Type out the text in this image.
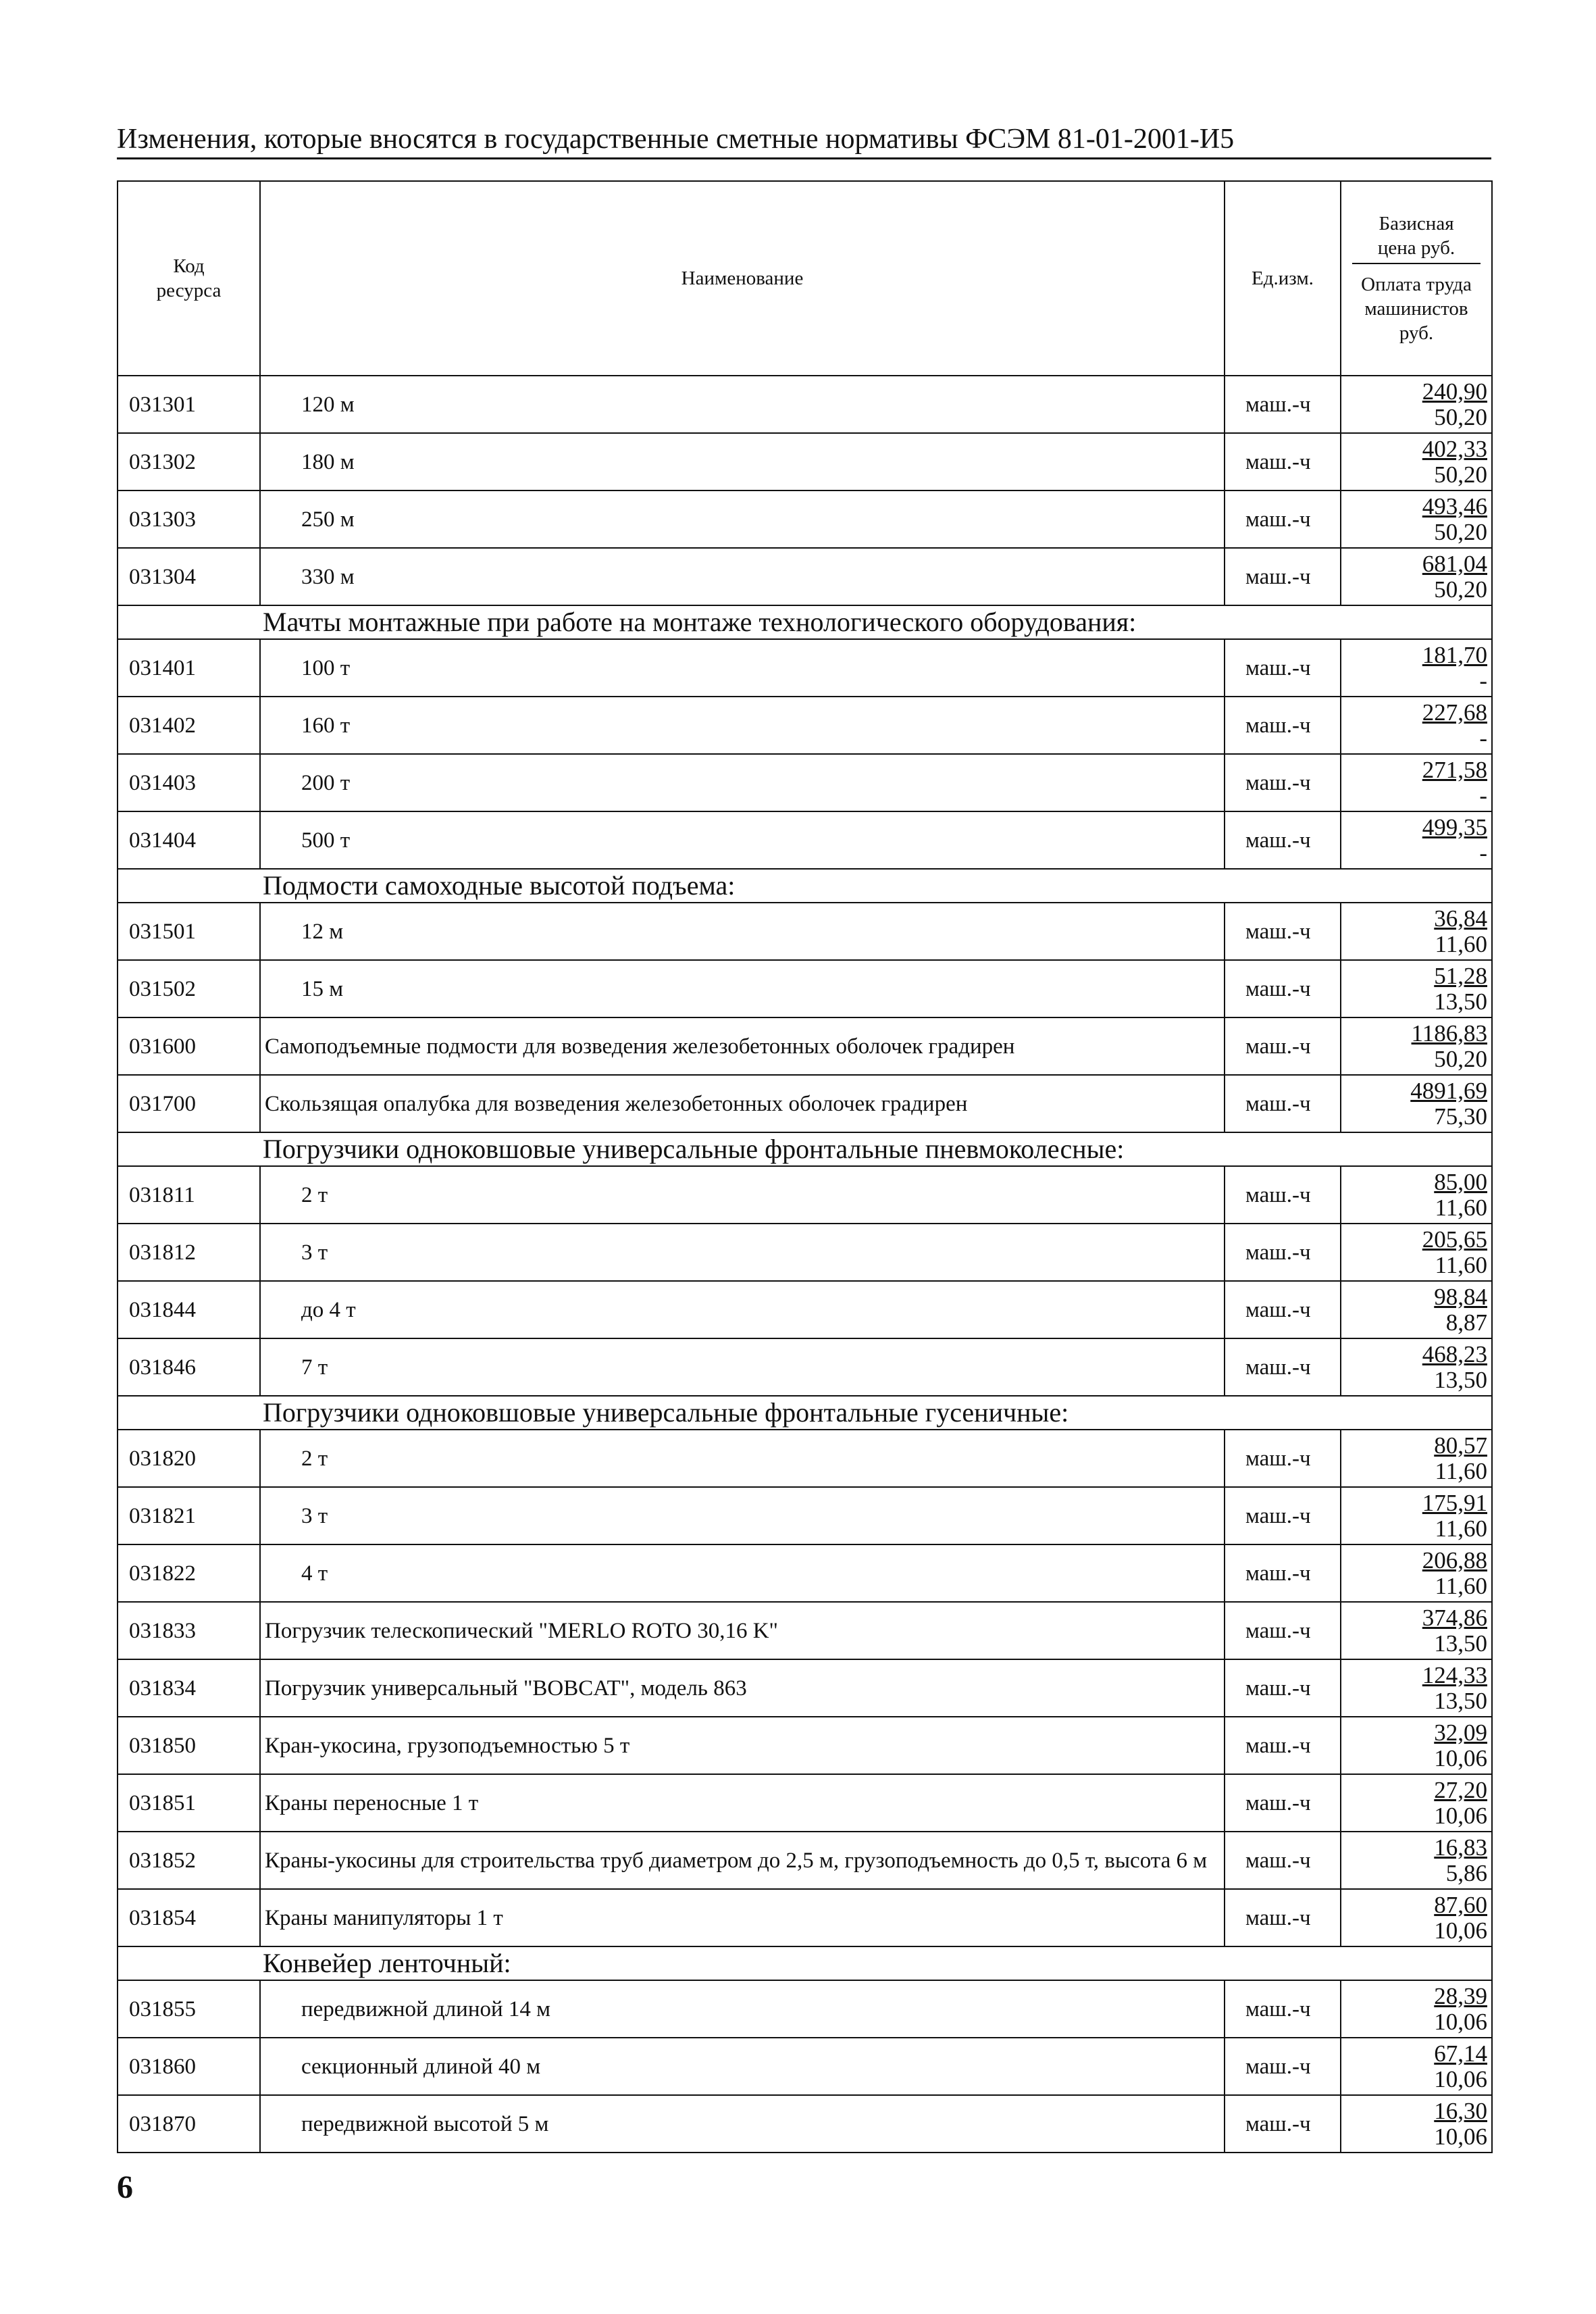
Изменения, которые вносятся в государственные сметные нормативы ФСЭМ 81-01-2001-И5
Код ресурса	Наименование	Ед.изм.	Базисная цена руб.
Оплата труда машинистов руб.

031301	120 м	маш.-ч	240,90
50,20

031302	180 м	маш.-ч	402,33
50,20

031303	250 м	маш.-ч	493,46
50,20

031304	330 м	маш.-ч	681,04
50,20

	Мачты монтажные при работе на монтаже технологического оборудования:		

031401	100 т	маш.-ч	181,70
-

031402	160 т	маш.-ч	227,68
-

031403	200 т	маш.-ч	271,58
-

031404	500 т	маш.-ч	499,35
-

	Подмости самоходные высотой подъема:		

031501	12 м	маш.-ч	36,84
11,60

031502	15 м	маш.-ч	51,28
13,50

031600	Самоподъемные подмости для возведения железобетонных оболочек градирен	маш.-ч	1186,83
50,20

031700	Скользящая опалубка для возведения железобетонных оболочек градирен	маш.-ч	4891,69
75,30

	Погрузчики одноковшовые универсальные фронтальные пневмоколесные:		

031811	2 т	маш.-ч	85,00
11,60

031812	3 т	маш.-ч	205,65
11,60

031844	до 4 т	маш.-ч	98,84
8,87

031846	7 т	маш.-ч	468,23
13,50

	Погрузчики одноковшовые универсальные фронтальные гусеничные:		

031820	2 т	маш.-ч	80,57
11,60

031821	3 т	маш.-ч	175,91
11,60

031822	4 т	маш.-ч	206,88
11,60

031833	Погрузчик телескопический "MERLO ROTO 30,16 K"	маш.-ч	374,86
13,50

031834	Погрузчик универсальный "BOBCAT", модель 863	маш.-ч	124,33
13,50

031850	Кран-укосина, грузоподъемностью 5 т	маш.-ч	32,09
10,06

031851	Краны переносные 1 т	маш.-ч	27,20
10,06

031852	Краны-укосины для строительства труб диаметром до 2,5 м, грузоподъемность до 0,5 т, высота 6 м	маш.-ч	16,83
5,86

031854	Краны манипуляторы 1 т	маш.-ч	87,60
10,06

	Конвейер ленточный:		

031855	передвижной длиной 14 м	маш.-ч	28,39
10,06

031860	секционный длиной 40 м	маш.-ч	67,14
10,06

031870	передвижной высотой 5 м	маш.-ч	16,30
10,06
6
